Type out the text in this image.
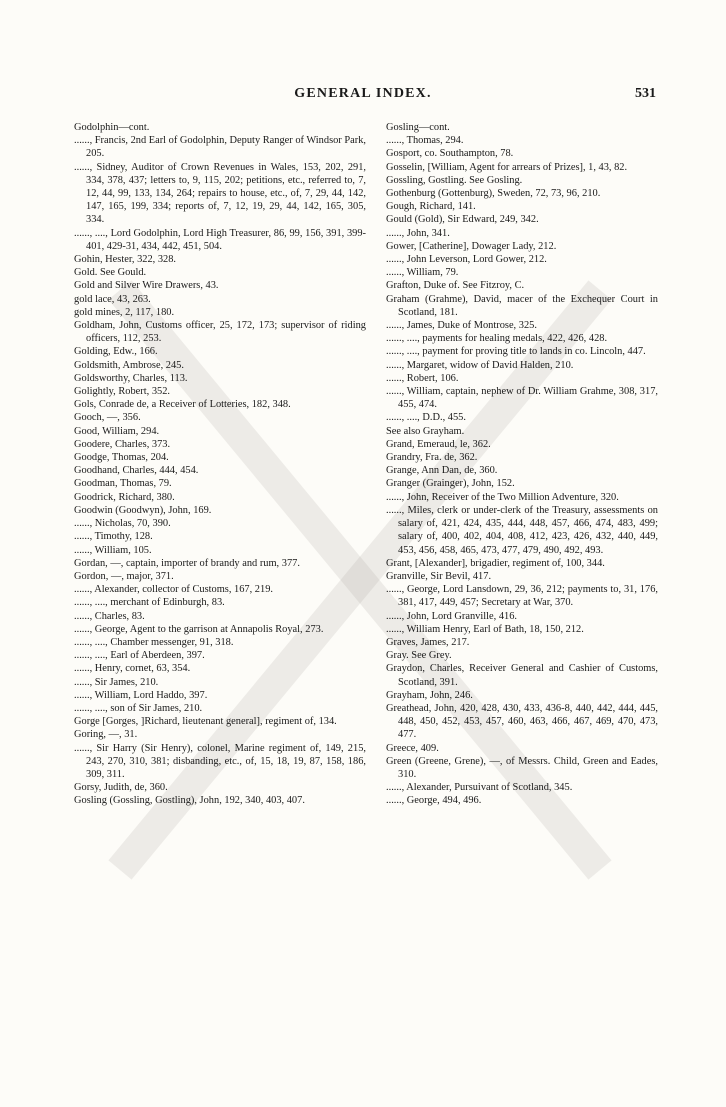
GENERAL INDEX.	531
Godolphin—cont.
......, Francis, 2nd Earl of Godolphin, Deputy Ranger of Windsor Park, 205.
......, Sidney, Auditor of Crown Revenues in Wales, 153, 202, 291, 334, 378, 437; letters to, 9, 115, 202; petitions, etc., referred to, 7, 12, 44, 99, 133, 134, 264; repairs to house, etc., of, 7, 29, 44, 142, 147, 165, 199, 334; reports of, 7, 12, 19, 29, 44, 142, 165, 305, 334.
......, ...., Lord Godolphin, Lord High Treasurer, 86, 99, 156, 391, 399-401, 429-31, 434, 442, 451, 504.
Gohin, Hester, 322, 328.
Gold. See Gould.
Gold and Silver Wire Drawers, 43.
gold lace, 43, 263.
gold mines, 2, 117, 180.
Goldham, John, Customs officer, 25, 172, 173; supervisor of riding officers, 112, 253.
Golding, Edw., 166.
Goldsmith, Ambrose, 245.
Goldsworthy, Charles, 113.
Golightly, Robert, 352.
Gols, Conrade de, a Receiver of Lotteries, 182, 348.
Gooch, —, 356.
Good, William, 294.
Goodere, Charles, 373.
Goodge, Thomas, 204.
Goodhand, Charles, 444, 454.
Goodman, Thomas, 79.
Goodrick, Richard, 380.
Goodwin (Goodwyn), John, 169.
......, Nicholas, 70, 390.
......, Timothy, 128.
......, William, 105.
Gordan, —, captain, importer of brandy and rum, 377.
Gordon, —, major, 371.
......, Alexander, collector of Customs, 167, 219.
......, ...., merchant of Edinburgh, 83.
......, Charles, 83.
......, George, Agent to the garrison at Annapolis Royal, 273.
......, ...., Chamber messenger, 91, 318.
......, ...., Earl of Aberdeen, 397.
......, Henry, cornet, 63, 354.
......, Sir James, 210.
......, William, Lord Haddo, 397.
......, ...., son of Sir James, 210.
Gorge [Gorges, ]Richard, lieutenant general], regiment of, 134.
Goring, —, 31.
......, Sir Harry (Sir Henry), colonel, Marine regiment of, 149, 215, 243, 270, 310, 381; disbanding, etc., of, 15, 18, 19, 87, 158, 186, 309, 311.
Gorsy, Judith, de, 360.
Gosling (Gossling, Gostling), John, 192, 340, 403, 407.
Gosling—cont.
......, Thomas, 294.
Gosport, co. Southampton, 78.
Gosselin, [William, Agent for arrears of Prizes], 1, 43, 82.
Gossling, Gostling. See Gosling.
Gothenburg (Gottenburg), Sweden, 72, 73, 96, 210.
Gough, Richard, 141.
Gould (Gold), Sir Edward, 249, 342.
......, John, 341.
Gower, [Catherine], Dowager Lady, 212.
......, John Leverson, Lord Gower, 212.
......, William, 79.
Grafton, Duke of. See Fitzroy, C.
Graham (Grahme), David, macer of the Exchequer Court in Scotland, 181.
......, James, Duke of Montrose, 325.
......, ...., payments for healing medals, 422, 426, 428.
......, ...., payment for proving title to lands in co. Lincoln, 447.
......, Margaret, widow of David Halden, 210.
......, Robert, 106.
......, William, captain, nephew of Dr. William Grahme, 308, 317, 455, 474.
......, ...., D.D., 455.
See also Grayham.
Grand, Emeraud, le, 362.
Grandry, Fra. de, 362.
Grange, Ann Dan, de, 360.
Granger (Grainger), John, 152.
......, John, Receiver of the Two Million Adventure, 320.
......, Miles, clerk or under-clerk of the Treasury, assessments on salary of, 421, 424, 435, 444, 448, 457, 466, 474, 483, 499; salary of, 400, 402, 404, 408, 412, 423, 426, 432, 440, 449, 453, 456, 458, 465, 473, 477, 479, 490, 492, 493.
Grant, [Alexander], brigadier, regiment of, 100, 344.
Granville, Sir Bevil, 417.
......, George, Lord Lansdown, 29, 36, 212; payments to, 31, 176, 381, 417, 449, 457; Secretary at War, 370.
......, John, Lord Granville, 416.
......, William Henry, Earl of Bath, 18, 150, 212.
Graves, James, 217.
Gray. See Grey.
Graydon, Charles, Receiver General and Cashier of Customs, Scotland, 391.
Grayham, John, 246.
Greathead, John, 420, 428, 430, 433, 436-8, 440, 442, 444, 445, 448, 450, 452, 453, 457, 460, 463, 466, 467, 469, 470, 473, 477.
Greece, 409.
Green (Greene, Grene), —, of Messrs. Child, Green and Eades, 310.
......, Alexander, Pursuivant of Scotland, 345.
......, George, 494, 496.
